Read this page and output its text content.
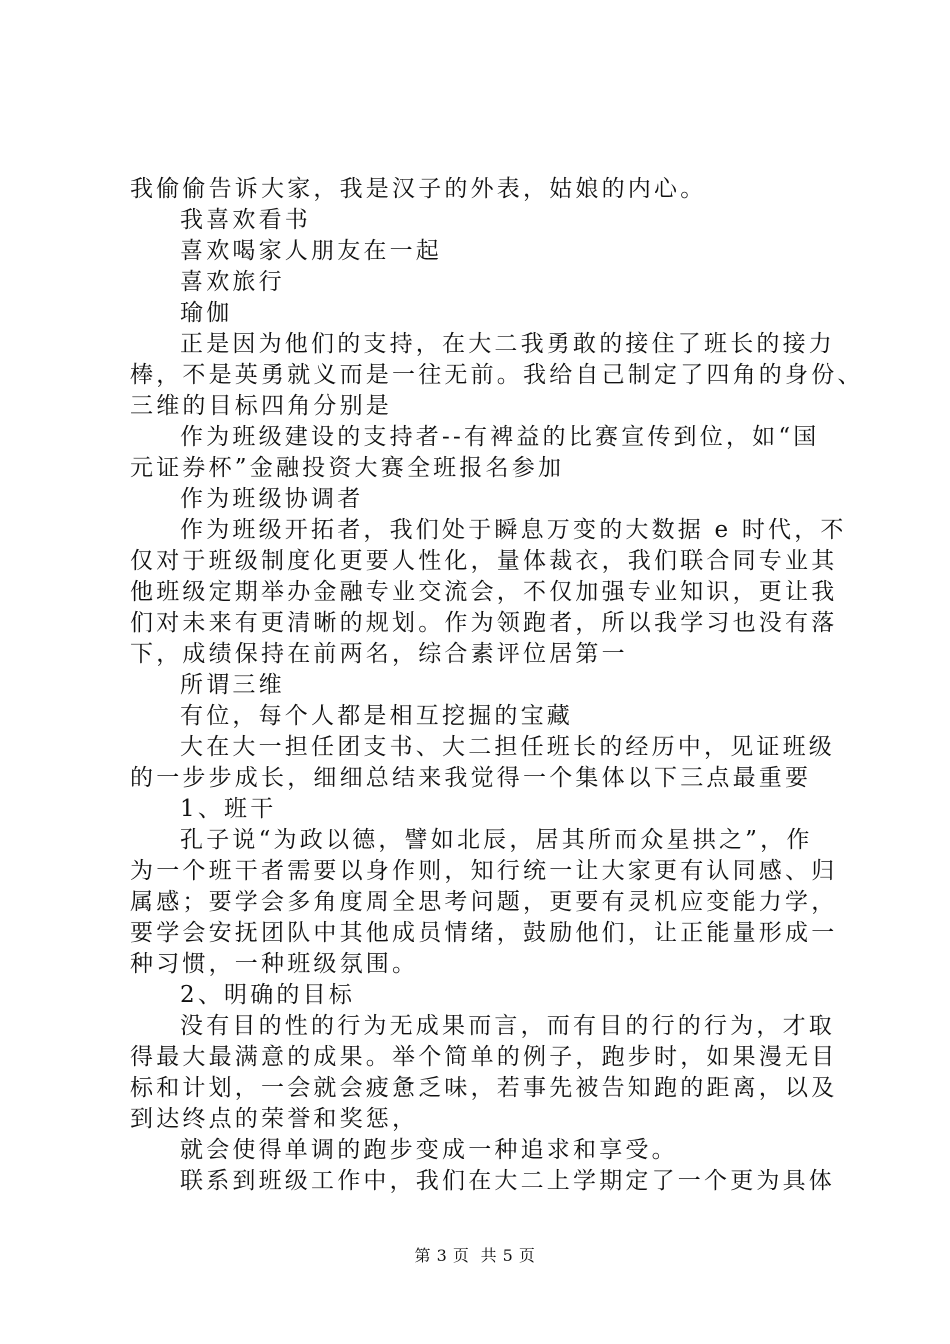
我偷偷告诉大家，我是汉子的外表，姑娘的内心。
我喜欢看书
喜欢喝家人朋友在一起
喜欢旅行
瑜伽
正是因为他们的支持，在大二我勇敢的接住了班长的接力
棒，不是英勇就义而是一往无前。我给自己制定了四角的身份、
三维的目标四角分别是
作为班级建设的支持者--有裨益的比赛宣传到位，如“国
元证券杯”金融投资大赛全班报名参加
作为班级协调者
作为班级开拓者，我们处于瞬息万变的大数据 e 时代，不
仅对于班级制度化更要人性化，量体裁衣，我们联合同专业其
他班级定期举办金融专业交流会，不仅加强专业知识，更让我
们对未来有更清晰的规划。作为领跑者，所以我学习也没有落
下，成绩保持在前两名，综合素评位居第一
所谓三维
有位，每个人都是相互挖掘的宝藏
大在大一担任团支书、大二担任班长的经历中，见证班级
的一步步成长，细细总结来我觉得一个集体以下三点最重要
1、班干
孔子说“为政以德，譬如北辰，居其所而众星拱之”，作
为一个班干者需要以身作则，知行统一让大家更有认同感、归
属感；要学会多角度周全思考问题，更要有灵机应变能力学，
要学会安抚团队中其他成员情绪，鼓励他们，让正能量形成一
种习惯，一种班级氛围。
2、明确的目标
没有目的性的行为无成果而言，而有目的行的行为，才取
得最大最满意的成果。举个简单的例子，跑步时，如果漫无目
标和计划，一会就会疲惫乏味，若事先被告知跑的距离，以及
到达终点的荣誉和奖惩，
就会使得单调的跑步变成一种追求和享受。
联系到班级工作中，我们在大二上学期定了一个更为具体
第 3 页  共 5 页
